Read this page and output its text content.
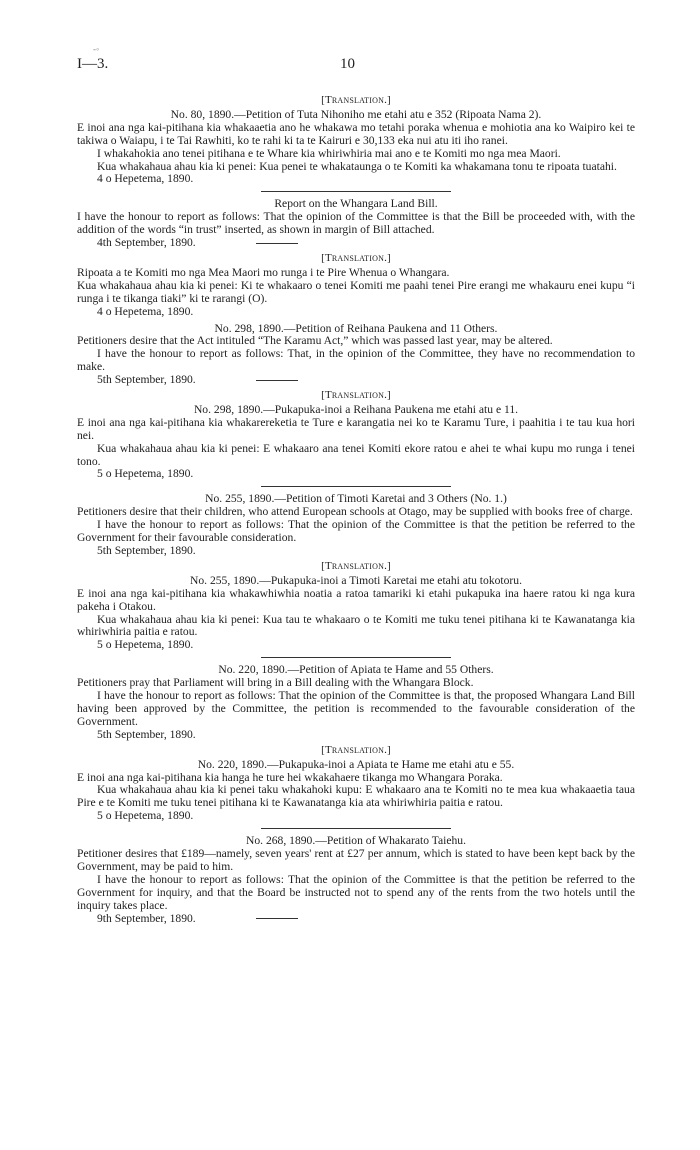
-◦
I—3.	10

[Translation.]

No. 80, 1890.—Petition of Tuta Nihoniho me etahi atu e 352 (Ripoata Nama 2).

E inoi ana nga kai-pitihana kia whakaaetia ano he whakawa mo tetahi poraka whenua e mohiotia ana ko Waipiro kei te takiwa o Waiapu, i te Tai Rawhiti, ko te rahi ki ta te Kairuri e 30,133 eka nui atu iti iho ranei.

I whakahokia ano tenei pitihana e te Whare kia whiriwhiria mai ano e te Komiti mo nga mea Maori.

Kua whakahaua ahau kia ki penei: Kua penei te whakataunga o te Komiti ka whakamana tonu te ripoata tuatahi.

4 o Hepetema, 1890.

Report on the Whangara Land Bill.

I have the honour to report as follows: That the opinion of the Committee is that the Bill be proceeded with, with the addition of the words “in trust” inserted, as shown in margin of Bill attached.

4th September, 1890.

[Translation.]

Ripoata a te Komiti mo nga Mea Maori mo runga i te Pire Whenua o Whangara.

Kua whakahaua ahau kia ki penei: Ki te whakaaro o tenei Komiti me paahi tenei Pire erangi me whakauru enei kupu “i runga i te tikanga tiaki” ki te rarangi (O).

4 o Hepetema, 1890.

No. 298, 1890.—Petition of Reihana Paukena and 11 Others.

Petitioners desire that the Act intituled “The Karamu Act,” which was passed last year, may be altered.

I have the honour to report as follows: That, in the opinion of the Committee, they have no recommendation to make.

5th September, 1890.

[Translation.]

No. 298, 1890.—Pukapuka-inoi a Reihana Paukena me etahi atu e 11.

E inoi ana nga kai-pitihana kia whakarereketia te Ture e karangatia nei ko te Karamu Ture, i paahitia i te tau kua hori nei.

Kua whakahaua ahau kia ki penei: E whakaaro ana tenei Komiti ekore ratou e ahei te whai kupu mo runga i tenei tono.

5 o Hepetema, 1890.

No. 255, 1890.—Petition of Timoti Karetai and 3 Others (No. 1.)

Petitioners desire that their children, who attend European schools at Otago, may be supplied with books free of charge.

I have the honour to report as follows: That the opinion of the Committee is that the petition be referred to the Government for their favourable consideration.

5th September, 1890.

[Translation.]

No. 255, 1890.—Pukapuka-inoi a Timoti Karetai me etahi atu tokotoru.

E inoi ana nga kai-pitihana kia whakawhiwhia noatia a ratoa tamariki ki etahi pukapuka ina haere ratou ki nga kura pakeha i Otakou.

Kua whakahaua ahau kia ki penei: Kua tau te whakaaro o te Komiti me tuku tenei pitihana ki te Kawanatanga kia whiriwhiria paitia e ratou.

5 o Hepetema, 1890.

No. 220, 1890.—Petition of Apiata te Hame and 55 Others.

Petitioners pray that Parliament will bring in a Bill dealing with the Whangara Block.

I have the honour to report as follows: That the opinion of the Committee is that, the proposed Whangara Land Bill having been approved by the Committee, the petition is recommended to the favourable consideration of the Government.

5th September, 1890.

[Translation.]

No. 220, 1890.—Pukapuka-inoi a Apiata te Hame me etahi atu e 55.

E inoi ana nga kai-pitihana kia hanga he ture hei wkakahaere tikanga mo Whangara Poraka.

Kua whakahaua ahau kia ki penei taku whakahoki kupu: E whakaaro ana te Komiti no te mea kua whakaaetia taua Pire e te Komiti me tuku tenei pitihana ki te Kawanatanga kia ata whiriwhiria paitia e ratou.

5 o Hepetema, 1890.

No. 268, 1890.—Petition of Whakarato Taiehu.

Petitioner desires that £189—namely, seven years' rent at £27 per annum, which is stated to have been kept back by the Government, may be paid to him.

I have the honour to report as follows: That the opinion of the Committee is that the petition be referred to the Government for inquiry, and that the Board be instructed not to spend any of the rents from the two hotels until the inquiry takes place.

9th September, 1890.
